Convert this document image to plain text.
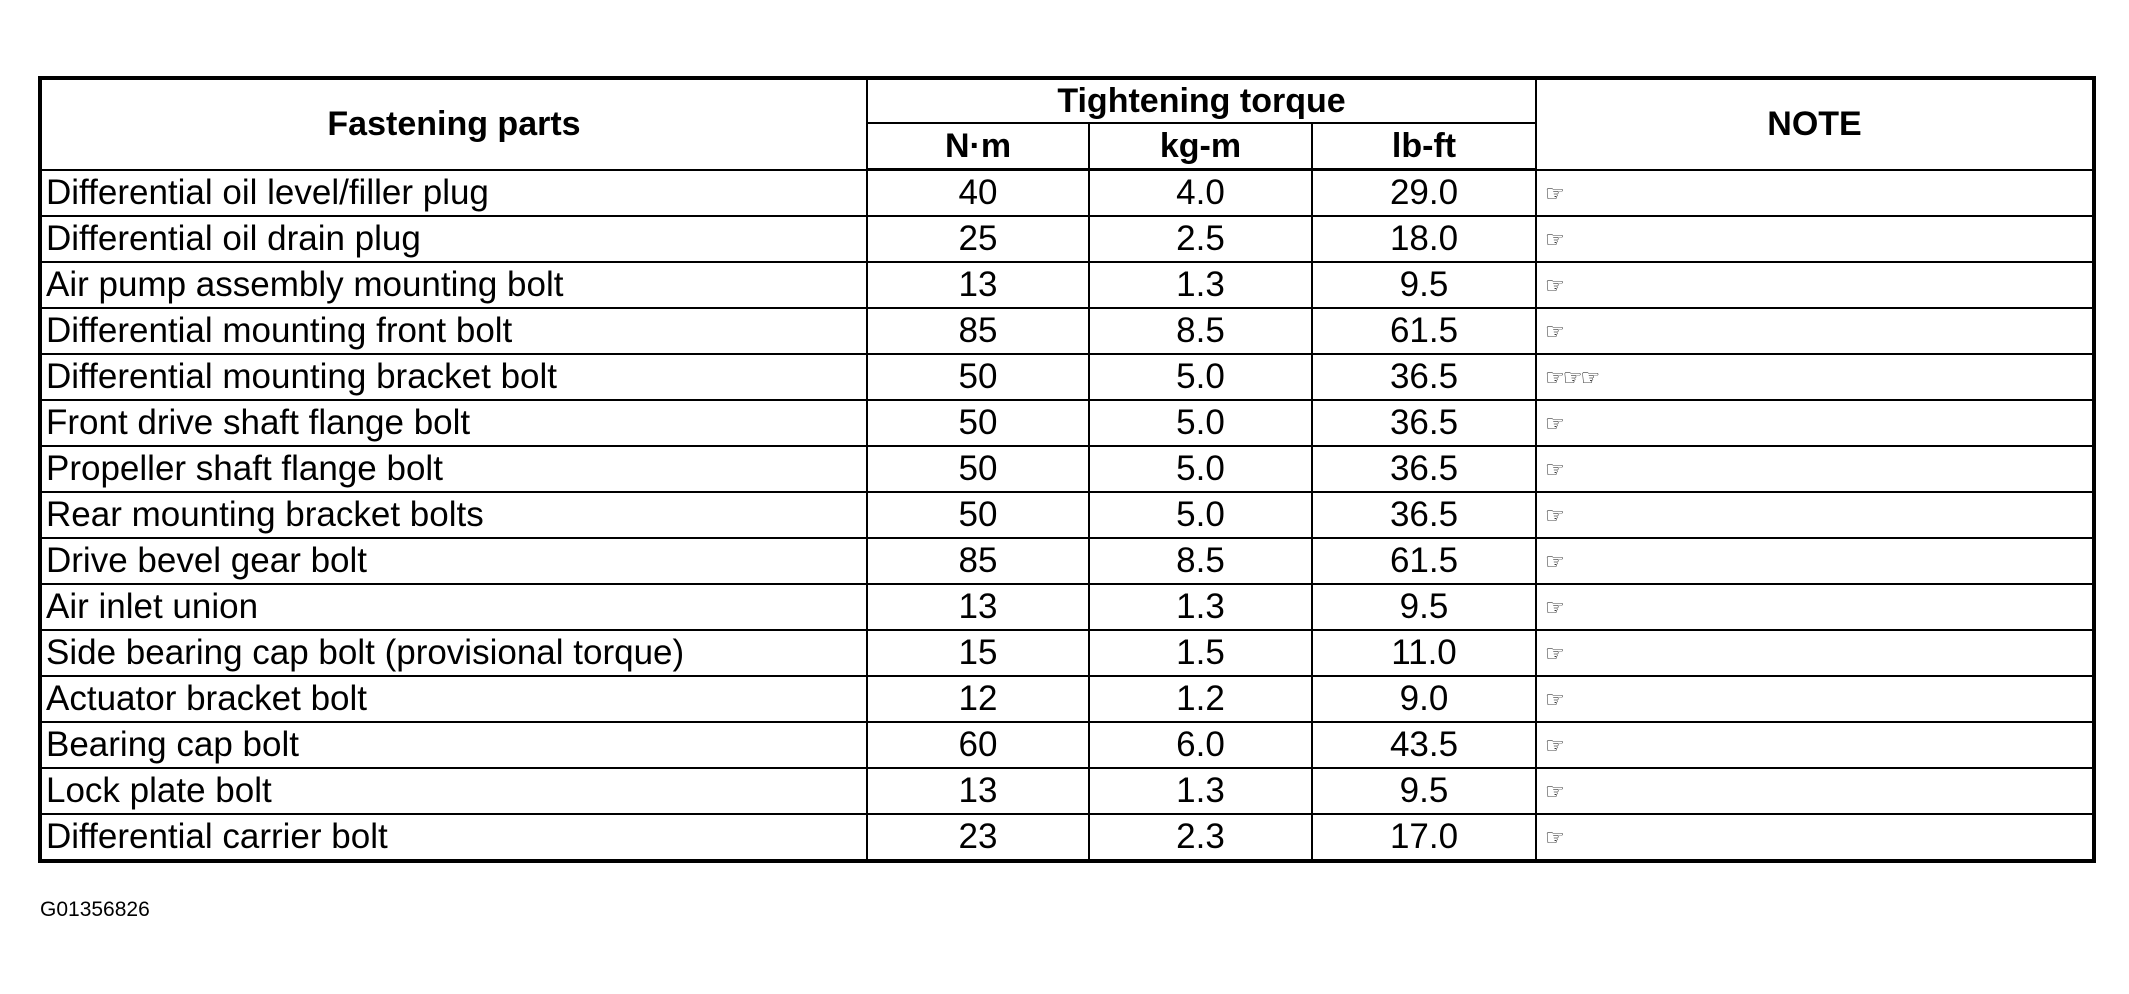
Fastening parts	Tightening torque			NOTE
	N·m	kg-m	lb-ft	
Differential oil level/filler plug	40	4.0	29.0	☞
Differential oil drain plug	25	2.5	18.0	☞
Air pump assembly mounting bolt	13	1.3	9.5	☞
Differential mounting front bolt	85	8.5	61.5	☞
Differential mounting bracket bolt	50	5.0	36.5	☞☞☞
Front drive shaft flange bolt	50	5.0	36.5	☞
Propeller shaft flange bolt	50	5.0	36.5	☞
Rear mounting bracket bolts	50	5.0	36.5	☞
Drive bevel gear bolt	85	8.5	61.5	☞
Air inlet union	13	1.3	9.5	☞
Side bearing cap bolt (provisional torque)	15	1.5	11.0	☞
Actuator bracket bolt	12	1.2	9.0	☞
Bearing cap bolt	60	6.0	43.5	☞
Lock plate bolt	13	1.3	9.5	☞
Differential carrier bolt	23	2.3	17.0	☞
G01356826
